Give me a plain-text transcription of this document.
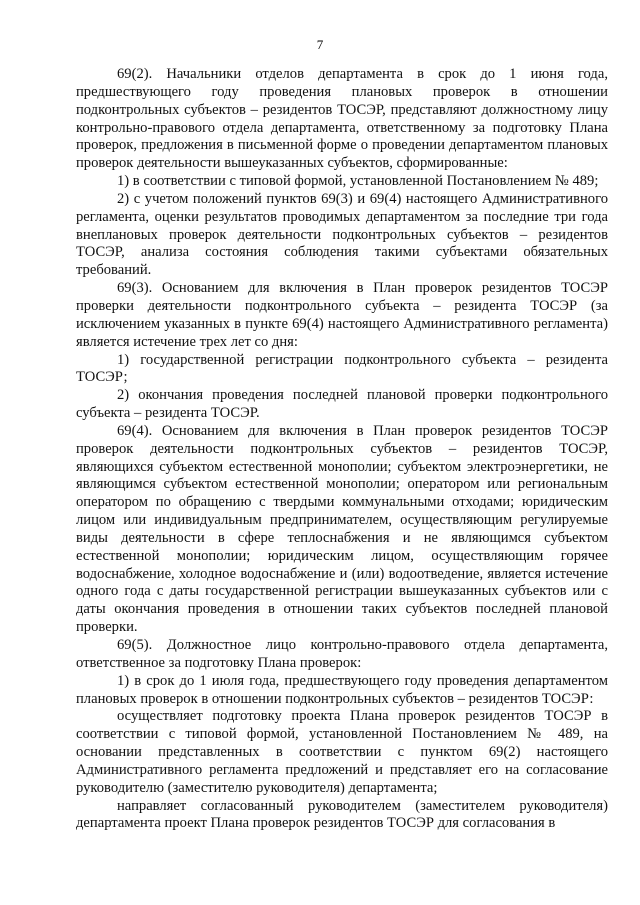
7

69(2). Начальники отделов департамента в срок до 1 июня года, предшествующего году проведения плановых проверок в отношении подконтрольных субъектов – резидентов ТОСЭР, представляют должностному лицу контрольно-правового отдела департамента, ответственному за подготовку Плана проверок, предложения в письменной форме о проведении департаментом плановых проверок деятельности вышеуказанных субъектов, сформированные:

1) в соответствии с типовой формой, установленной Постановлением № 489;

2) с учетом положений пунктов 69(3) и 69(4) настоящего Административного регламента, оценки результатов проводимых департаментом за последние три года внеплановых проверок деятельности подконтрольных субъектов – резидентов ТОСЭР, анализа состояния соблюдения такими субъектами обязательных требований.

69(3). Основанием для включения в План проверок резидентов ТОСЭР проверки деятельности подконтрольного субъекта – резидента ТОСЭР (за исключением указанных в пункте 69(4) настоящего Административного регламента) является истечение трех лет со дня:

1) государственной регистрации подконтрольного субъекта – резидента ТОСЭР;

2) окончания проведения последней плановой проверки подконтрольного субъекта – резидента ТОСЭР.

69(4). Основанием для включения в План проверок резидентов ТОСЭР проверок деятельности подконтрольных субъектов – резидентов ТОСЭР, являющихся субъектом естественной монополии; субъектом электроэнергетики, не являющимся субъектом естественной монополии; оператором или региональным оператором по обращению с твердыми коммунальными отходами; юридическим лицом или индивидуальным предпринимателем, осуществляющим регулируемые виды деятельности в сфере теплоснабжения и не являющимся субъектом естественной монополии; юридическим лицом, осуществляющим горячее водоснабжение, холодное водоснабжение и (или) водоотведение, является истечение одного года с даты государственной регистрации вышеуказанных субъектов или с даты окончания проведения в отношении таких субъектов последней плановой проверки.

69(5). Должностное лицо контрольно-правового отдела департамента, ответственное за подготовку Плана проверок:

1) в срок до 1 июля года, предшествующего году проведения департаментом плановых проверок в отношении подконтрольных субъектов – резидентов ТОСЭР:

осуществляет подготовку проекта Плана проверок резидентов ТОСЭР в соответствии с типовой формой, установленной Постановлением № 489, на основании представленных в соответствии с пунктом 69(2) настоящего Административного регламента предложений и представляет его на согласование руководителю (заместителю руководителя) департамента;

направляет согласованный руководителем (заместителем руководителя) департамента проект Плана проверок резидентов ТОСЭР для согласования в
